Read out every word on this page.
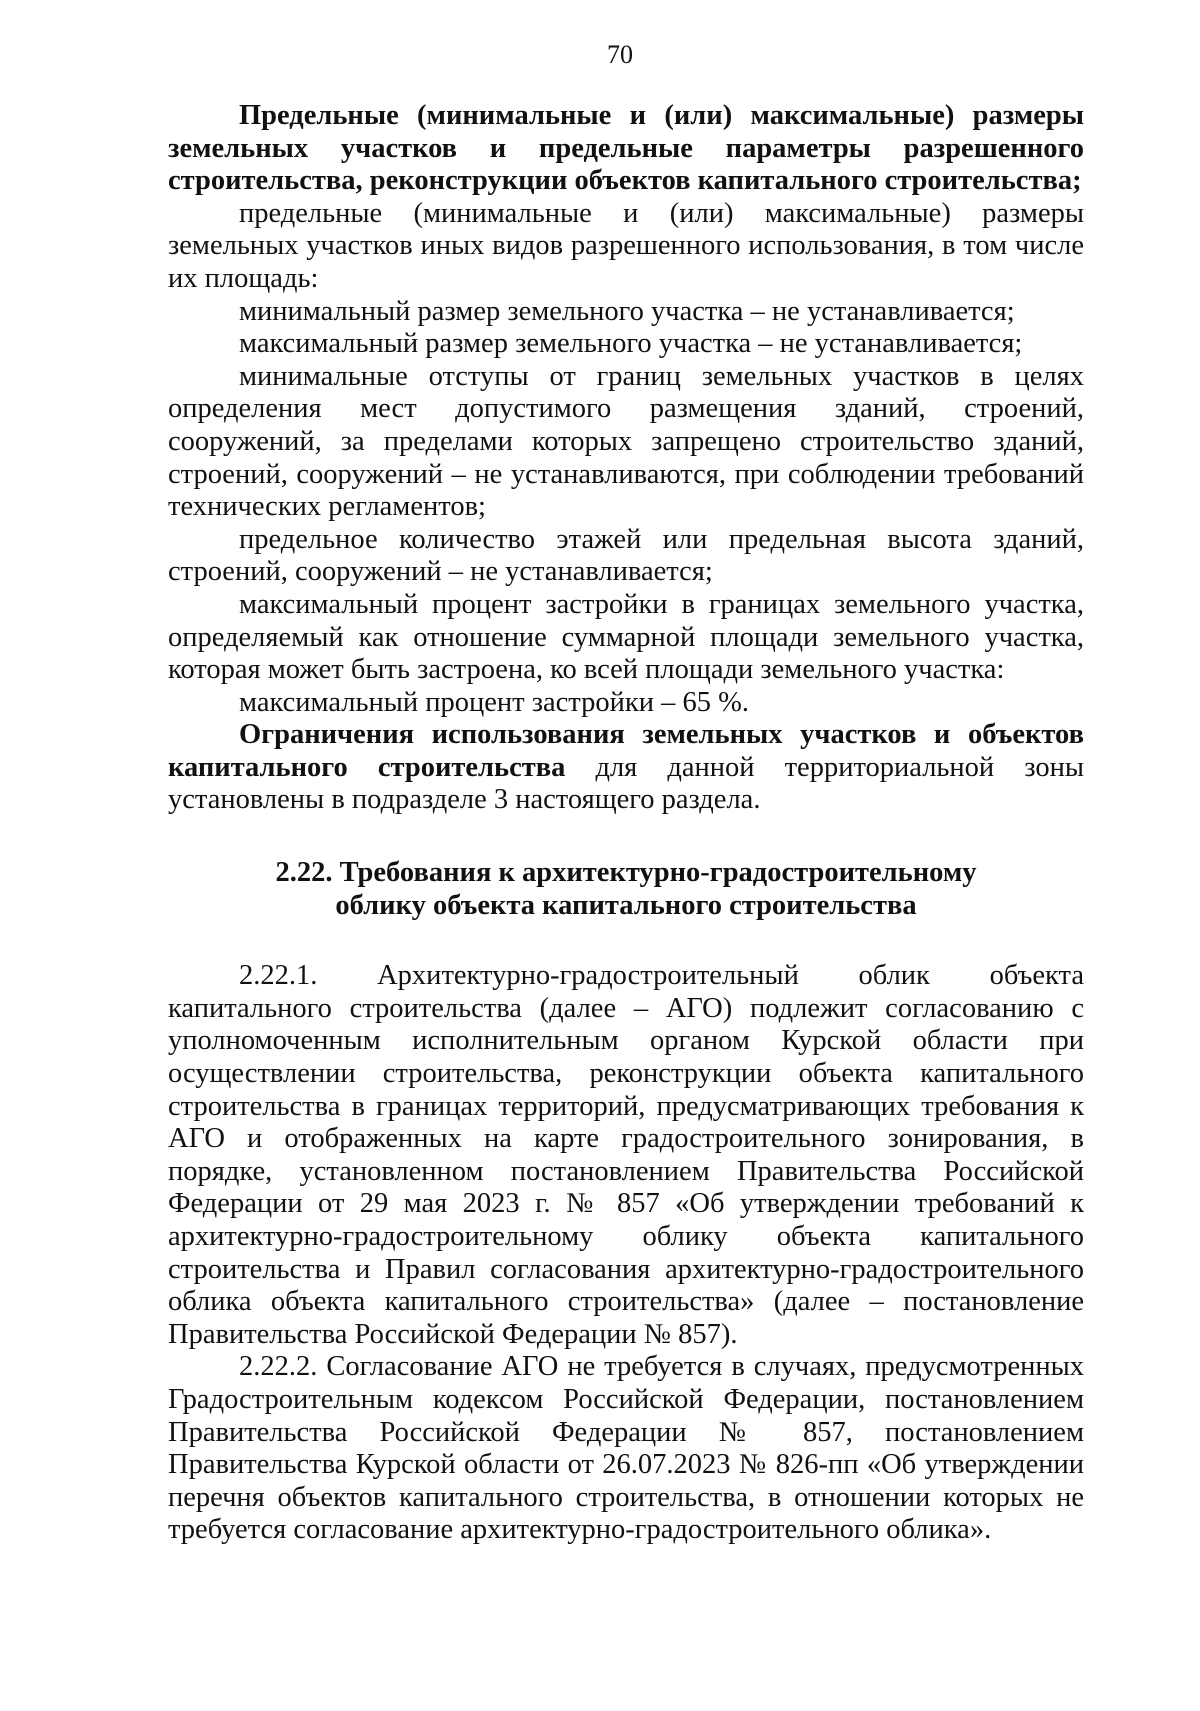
70

Предельные (минимальные и (или) максимальные) размеры земельных участков и предельные параметры разрешенного строительства, реконструкции объектов капитального строительства;

предельные (минимальные и (или) максимальные) размеры земельных участков иных видов разрешенного использования, в том числе их площадь:

минимальный размер земельного участка – не устанавливается;

максимальный размер земельного участка – не устанавливается;

минимальные отступы от границ земельных участков в целях определения мест допустимого размещения зданий, строений, сооружений, за пределами которых запрещено строительство зданий, строений, сооружений – не устанавливаются, при соблюдении требований технических регламентов;

предельное количество этажей или предельная высота зданий, строений, сооружений – не устанавливается;

максимальный процент застройки в границах земельного участка, определяемый как отношение суммарной площади земельного участка, которая может быть застроена, ко всей площади земельного участка:

максимальный процент застройки – 65 %.

Ограничения использования земельных участков и объектов капитального строительства для данной территориальной зоны установлены в подразделе 3 настоящего раздела.

2.22. Требования к архитектурно-градостроительному

облику объекта капитального строительства

2.22.1. Архитектурно-градостроительный облик объекта капитального строительства (далее – АГО) подлежит согласованию с уполномоченным исполнительным органом Курской области при осуществлении строительства, реконструкции объекта капитального строительства в границах территорий, предусматривающих требования к АГО и отображенных на карте градостроительного зонирования, в порядке, установленном постановлением Правительства Российской Федерации от 29 мая 2023 г. № 857 «Об утверждении требований к архитектурно-градостроительному облику объекта капитального строительства и Правил согласования архитектурно-градостроительного облика объекта капитального строительства» (далее – постановление Правительства Российской Федерации № 857).

2.22.2. Согласование АГО не требуется в случаях, предусмотренных Градостроительным кодексом Российской Федерации, постановлением Правительства Российской Федерации № 857, постановлением Правительства Курской области от 26.07.2023 № 826-пп «Об утверждении перечня объектов капитального строительства, в отношении которых не требуется согласование архитектурно-градостроительного облика».
